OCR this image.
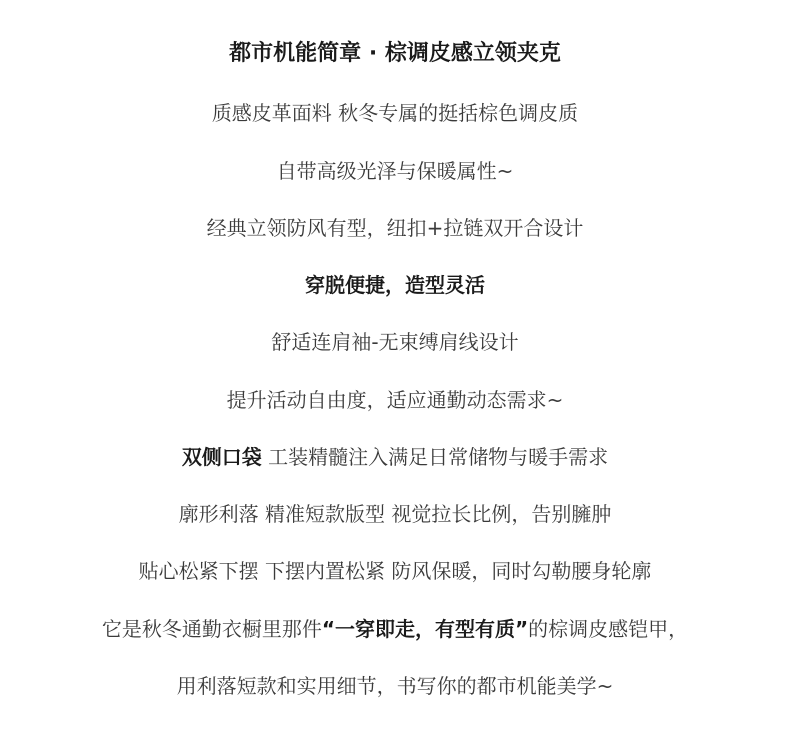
都市机能简章 · 棕调皮感立领夹克
质感皮革面料 秋冬专属的挺括棕色调皮质
自带高级光泽与保暖属性~
经典立领防风有型，纽扣+拉链双开合设计
穿脱便捷，造型灵活
舒适连肩袖-无束缚肩线设计
提升活动自由度，适应通勤动态需求~
双侧口袋 工装精髓注入满足日常储物与暖手需求
廓形利落 精准短款版型 视觉拉长比例，告别臃肿
贴心松紧下摆 下摆内置松紧 防风保暖，同时勾勒腰身轮廓
它是秋冬通勤衣橱里那件“一穿即走，有型有质”的棕调皮感铠甲，
用利落短款和实用细节，书写你的都市机能美学~
